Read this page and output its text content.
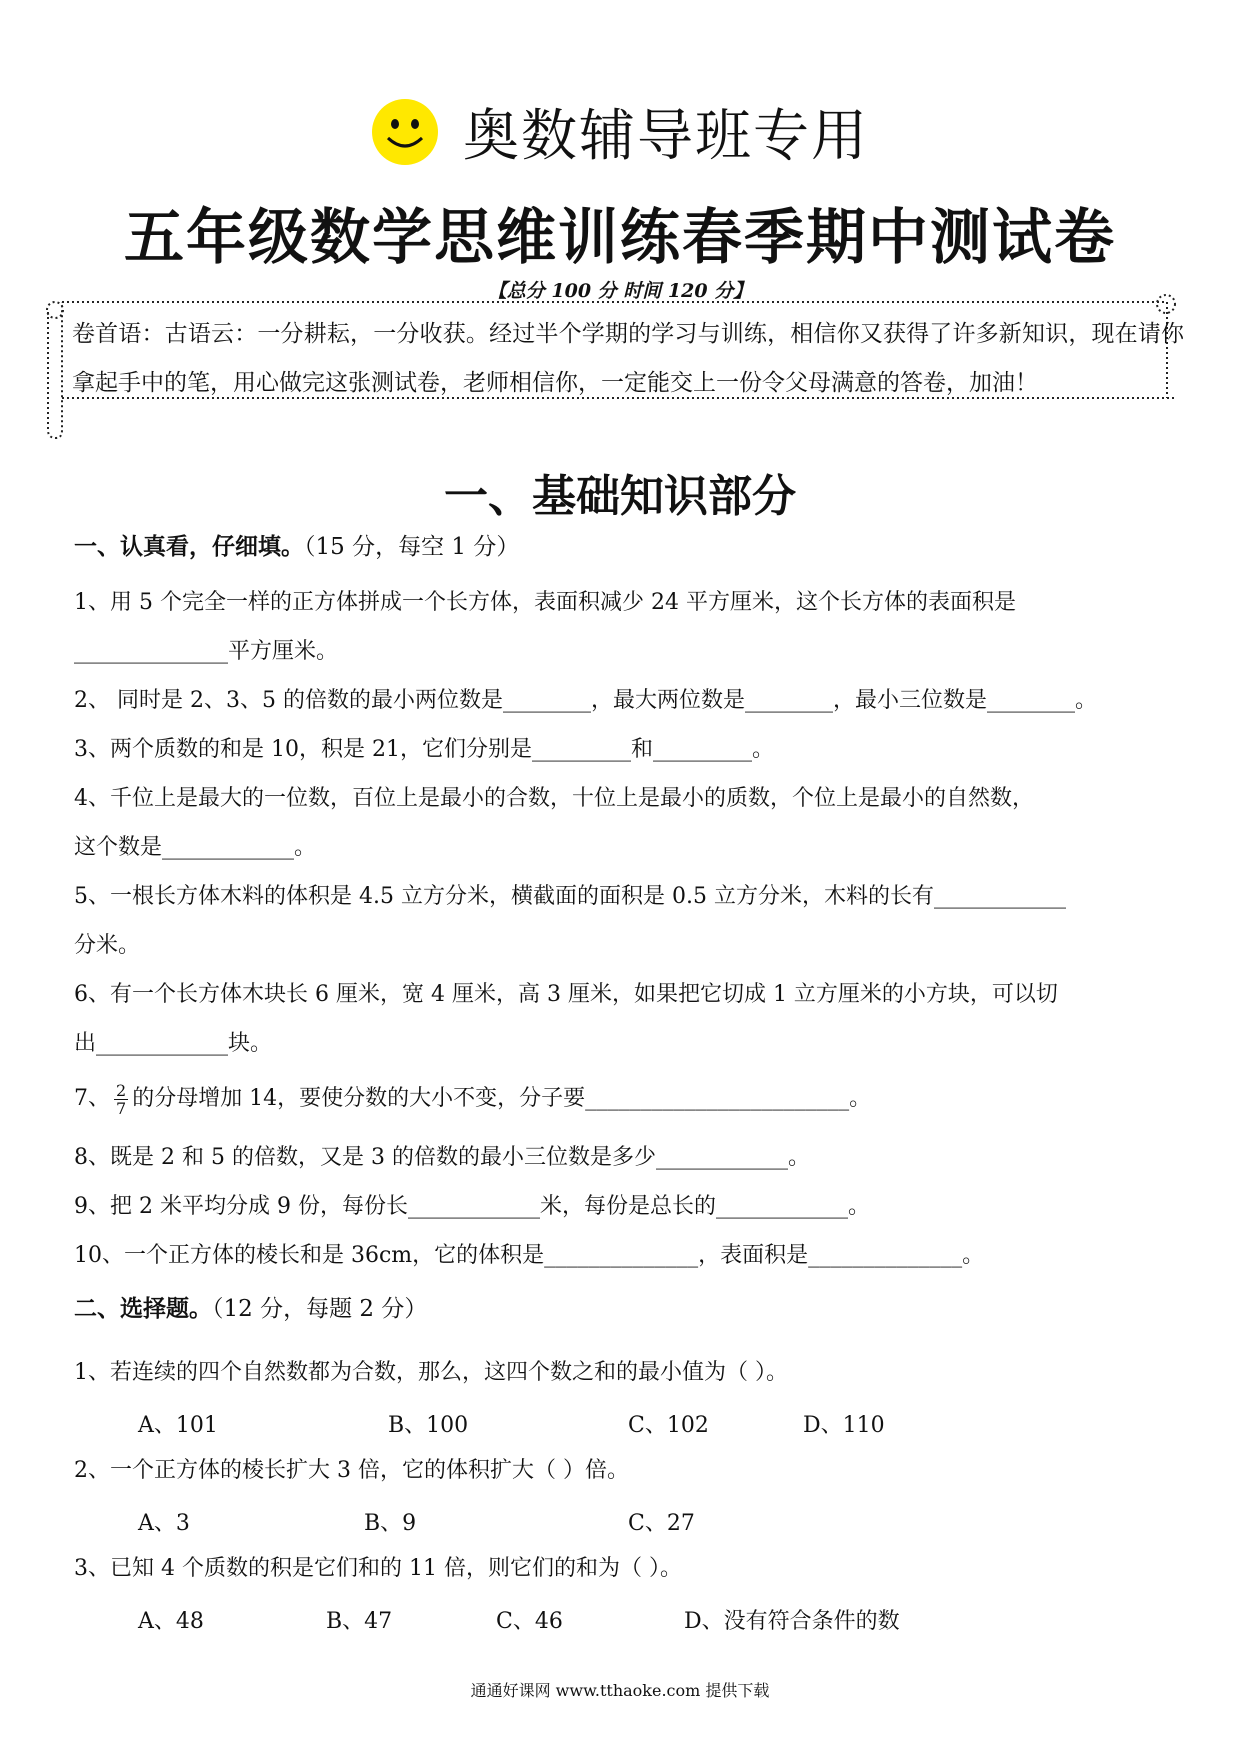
奥数辅导班专用
五年级数学思维训练春季期中测试卷
【总分 100 分 时间 120 分】
卷首语：古语云：一分耕耘，一分收获。经过半个学期的学习与训练，相信你又获得了许多新知识，现在请你拿起手中的笔，用心做完这张测试卷，老师相信你，一定能交上一份令父母满意的答卷，加油！
一、基础知识部分
一、认真看，仔细填。（15 分，每空 1 分）
1、用 5 个完全一样的正方体拼成一个长方体，表面积减少 24 平方厘米，这个长方体的表面积是
______________平方厘米。
2、 同时是 2、3、5 的倍数的最小两位数是________，最大两位数是________，最小三位数是________。
3、两个质数的和是 10，积是 21，它们分别是_________和_________。
4、千位上是最大的一位数，百位上是最小的合数，十位上是最小的质数，个位上是最小的自然数，
这个数是____________。
5、一根长方体木料的体积是 4.5 立方分米，横截面的面积是 0.5 立方分米，木料的长有____________
分米。
6、有一个长方体木块长 6 厘米，宽 4 厘米，高 3 厘米，如果把它切成 1 立方厘米的小方块，可以切
出____________块。
7、 $\frac{2}{7}$ 的分母增加 14，要使分数的大小不变，分子要________________________。
8、既是 2 和 5 的倍数，又是 3 的倍数的最小三位数是多少____________。
9、把 2 米平均分成 9 份，每份长____________米，每份是总长的____________。
10、一个正方体的棱长和是 36cm，它的体积是______________，表面积是______________。
二、选择题。（12 分，每题 2 分）
1、若连续的四个自然数都为合数，那么，这四个数之和的最小值为（ ）。
A、101	B、100	C、102	D、110
2、一个正方体的棱长扩大 3 倍，它的体积扩大（ ）倍。
A、3	B、9	C、27
3、已知 4 个质数的积是它们和的 11 倍，则它们的和为（ ）。
A、48	B、47	C、46	D、没有符合条件的数
通通好课网 www.tthaoke.com 提供下载
